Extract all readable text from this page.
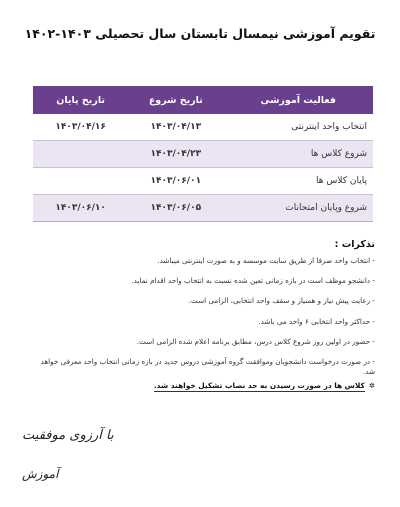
تقویم آموزشی نیمسال تابستان سال تحصیلی ۱۴۰۳-۱۴۰۲
فعالیت آموزشی	تاریخ شروع	تاریخ پایان
انتخاب واحد اینترنتی	۱۴۰۳/۰۴/۱۳	۱۴۰۳/۰۴/۱۶
شروع کلاس ها	۱۴۰۳/۰۴/۲۳	
پایان کلاس ها	۱۴۰۳/۰۶/۰۱	
شروع وپایان امتحانات	۱۴۰۳/۰۶/۰۵	۱۴۰۳/۰۶/۱۰
تذکرات :
- انتخاب واحد صرفا از طریق سایت موسسه و به صورت اینترنتی میباشد.
- دانشجو موظف است در بازه زمانی تعین شده نسبت به انتخاب واحد اقدام نماید.
- رعایت پیش نیاز و همنیاز و سقف واحد انتخابی، الزامی است.
- حداکثر واحد انتخابی ۶ واحد می باشد.
- حضور در اولین روز شروع کلاس درس، مطابق برنامه اعلام شده الزامی است.
- در صورت درخواست دانشجویان وموافقت گروه آموزشی دروس جدید در بازه زمانی انتخاب واحد معرفی خواهد شد.
✲کلاس ها در صورت رسیدن به حد نصاب تشکیل خواهند شد.
با آرزوی موفقیت
آموزش
